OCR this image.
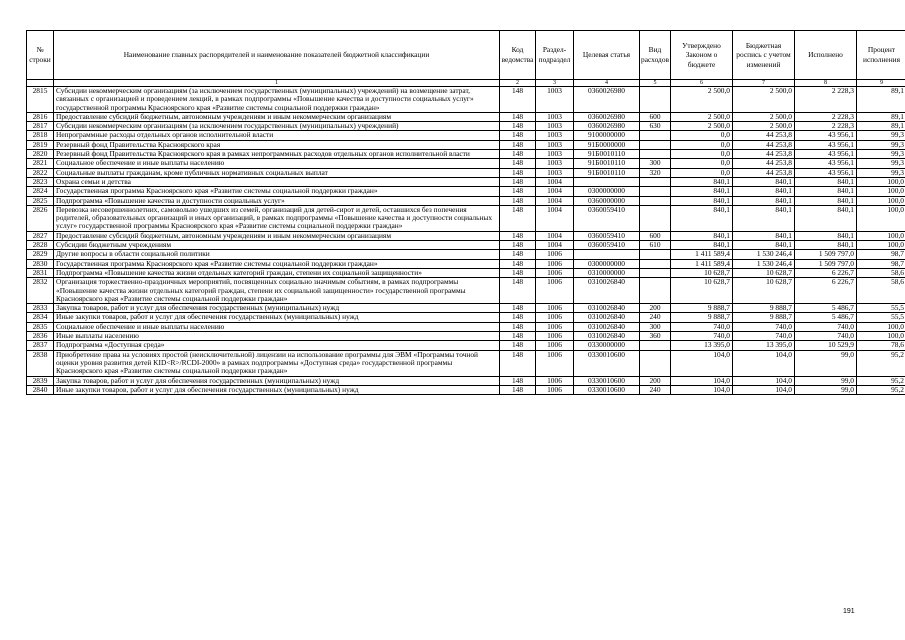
№ строки	Наименование главных распорядителей и наименование показателей бюджетной классификации	Код ведомства	Раздел-подраздел	Целевая статья	Вид расходов	Утверждено Законом о бюджете	Бюджетная роспись с учетом изменений	Исполнено	Процент исполнения
	1	2	3	4	5	6	7	8	9
2815	Субсидии некоммерческим организациям (за исключением государственных (муниципальных) учреждений) на возмещение затрат, связанных с организацией и проведением лекций, в рамках подпрограммы «Повышение качества и доступности социальных услуг» государственной программы Красноярского края «Развитие системы социальной поддержки граждан»	148	1003	0360026980		2 500,0	2 500,0	2 228,3	89,1
2816	Предоставление субсидий бюджетным, автономным учреждениям и иным некоммерческим организациям	148	1003	0360026980	600	2 500,0	2 500,0	2 228,3	89,1
2817	Субсидии некоммерческим организациям (за исключением государственных (муниципальных) учреждений)	148	1003	0360026980	630	2 500,0	2 500,0	2 228,3	89,1
2818	Непрограммные расходы отдельных органов исполнительной власти	148	1003	9100000000		0,0	44 253,8	43 956,1	99,3
2819	Резервный фонд Правительства Красноярского края	148	1003	91Б0000000		0,0	44 253,8	43 956,1	99,3
2820	Резервный фонд Правительства Красноярского края в рамках непрограммных расходов отдельных органов исполнительной власти	148	1003	91Б0010110		0,0	44 253,8	43 956,1	99,3
2821	Социальное обеспечение и иные выплаты населению	148	1003	91Б0010110	300	0,0	44 253,8	43 956,1	99,3
2822	Социальные выплаты гражданам, кроме публичных нормативных социальных выплат	148	1003	91Б0010110	320	0,0	44 253,8	43 956,1	99,3
2823	Охрана семьи и детства	148	1004			840,1	840,1	840,1	100,0
2824	Государственная программа Красноярского края «Развитие системы социальной поддержки граждан»	148	1004	0300000000		840,1	840,1	840,1	100,0
2825	Подпрограмма «Повышение качества и доступности социальных услуг»	148	1004	0360000000		840,1	840,1	840,1	100,0
2826	Перевозка несовершеннолетних, самовольно ушедших из семей, организаций для детей-сирот и детей, оставшихся без попечения родителей, образовательных организаций и иных организаций, в рамках подпрограммы «Повышение качества и доступности социальных услуг» государственной программы Красноярского края «Развитие системы социальной поддержки граждан»	148	1004	0360059410		840,1	840,1	840,1	100,0
2827	Предоставление субсидий бюджетным, автономным учреждениям и иным некоммерческим организациям	148	1004	0360059410	600	840,1	840,1	840,1	100,0
2828	Субсидии бюджетным учреждениям	148	1004	0360059410	610	840,1	840,1	840,1	100,0
2829	Другие вопросы в области социальной политики	148	1006			1 411 589,4	1 530 246,4	1 509 797,0	98,7
2830	Государственная программа Красноярского края «Развитие системы социальной поддержки граждан»	148	1006	0300000000		1 411 589,4	1 530 246,4	1 509 797,0	98,7
2831	Подпрограмма «Повышение качества жизни отдельных категорий граждан, степени их социальной защищенности»	148	1006	0310000000		10 628,7	10 628,7	6 226,7	58,6
2832	Организация торжественно-праздничных мероприятий, посвященных социально значимым событиям, в рамках подпрограммы «Повышение качества жизни отдельных категорий граждан, степени их социальной защищенности» государственной программы Красноярского края «Развитие системы социальной поддержки граждан»	148	1006	0310026840		10 628,7	10 628,7	6 226,7	58,6
2833	Закупка товаров, работ и услуг для обеспечения государственных (муниципальных) нужд	148	1006	0310026840	200	9 888,7	9 888,7	5 486,7	55,5
2834	Иные закупки товаров, работ и услуг для обеспечения государственных (муниципальных) нужд	148	1006	0310026840	240	9 888,7	9 888,7	5 486,7	55,5
2835	Социальное обеспечение и иные выплаты населению	148	1006	0310026840	300	740,0	740,0	740,0	100,0
2836	Иные выплаты населению	148	1006	0310026840	360	740,0	740,0	740,0	100,0
2837	Подпрограмма «Доступная среда»	148	1006	0330000000		13 395,0	13 395,0	10 529,9	78,6
2838	Приобретение права на условиях простой (неисключительной) лицензии на использование программы для ЭВМ «Программы точной оценки уровня развития детей KID<R>/RCDI-2000» в рамках подпрограммы «Доступная среда» государственной программы Красноярского края «Развитие системы социальной поддержки граждан»	148	1006	0330010600		104,0	104,0	99,0	95,2
2839	Закупка товаров, работ и услуг для обеспечения государственных (муниципальных) нужд	148	1006	0330010600	200	104,0	104,0	99,0	95,2
2840	Иные закупки товаров, работ и услуг для обеспечения государственных (муниципальных) нужд	148	1006	0330010600	240	104,0	104,0	99,0	95,2
191
